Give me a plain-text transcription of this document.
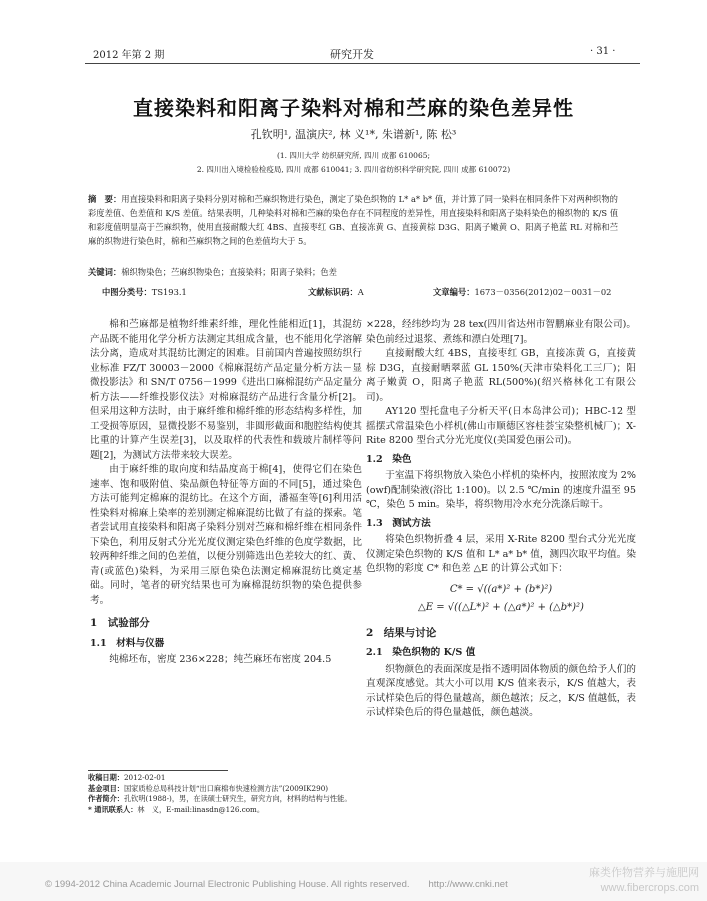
2012 年第 2 期	研究开发	· 31 ·
直接染料和阳离子染料对棉和苎麻的染色差异性
孔钦明¹, 温演庆², 林 义¹*, 朱谱新¹, 陈 松³
(1. 四川大学 纺织研究所, 四川 成都 610065;
2. 四川出入境检验检疫局, 四川 成都 610041; 3. 四川省纺织科学研究院, 四川 成都 610072)
摘　要：用直接染料和阳离子染料分别对棉和苎麻织物进行染色，测定了染色织物的 L* a* b* 值，并计算了同一染料在相同条件下对两种织物的彩度差值、色差值和 K/S 差值。结果表明，几种染料对棉和苎麻的染色存在不同程度的差异性，用直接染料和阳离子染料染色的棉织物的 K/S 值和彩度值明显高于苎麻织物，使用直接耐酸大红 4BS、直接枣红 GB、直接冻黄 G、直接黄棕 D3G、阳离子嫩黄 O、阳离子艳蓝 RL 对棉和苎麻的织物进行染色时，棉和苎麻织物之间的色差值均大于 5。
关键词：棉织物染色；苎麻织物染色；直接染料；阳离子染料；色差
中图分类号：TS193.1	文献标识码：A	文章编号：1673－0356(2012)02－0031－02

棉和苎麻都是植物纤维素纤维，理化性能相近[1]，其混纺产品既不能用化学分析方法测定其组成含量，也不能用化学溶解法分离，造成对其混纺比测定的困难。目前国内普遍按照纺织行业标准 FZ/T 30003－2000《棉麻混纺产品定量分析方法－显微投影法》和 SN/T 0756－1999《进出口麻棉混纺产品定量分析方法——纤维投影仪法》对棉麻混纺产品进行含量分析[2]。但采用这种方法时，由于麻纤维和棉纤维的形态结构多样性，加工受损等原因，显微投影不易鉴别，非圆形截面和胞腔结构使其比重的计算产生误差[3]，以及取样的代表性和载玻片制样等问题[2]，为测试方法带来较大误差。

由于麻纤维的取向度和结晶度高于棉[4]，使得它们在染色速率、饱和吸附值、染品颜色特征等方面的不同[5]，通过染色方法可能判定棉麻的混纺比。在这个方面，潘福奎等[6]利用活性染料对棉麻上染率的差别测定棉麻混纺比做了有益的探索。笔者尝试用直接染料和阳离子染料分别对苎麻和棉纤维在相同条件下染色，利用反射式分光光度仪测定染色纤维的色度学数据，比较两种纤维之间的色差值，以便分别筛选出色差较大的红、黄、青(或蓝色)染料，为采用三原色染色法测定棉麻混纺比奠定基础。同时，笔者的研究结果也可为麻棉混纺织物的染色提供参考。

1　试验部分
1.1　材料与仪器

纯棉坯布，密度 236×228；纯苎麻坯布密度 204.5

收稿日期：2012-02-01
基金项目：国家质检总局科技计划“出口麻棉布快速检测方法”(2009IK290)
作者简介：孔钦明(1988-)，男，在读硕士研究生，研究方向，材料的结构与性能。
* 通讯联系人：林　义，E-mail:linasdn@126.com。

×228，经纬纱均为 28 tex(四川省达州市智鹏麻业有限公司)。染色前经过退浆、煮练和漂白处理[7]。

直接耐酸大红 4BS，直接枣红 GB，直接冻黄 G，直接黄棕 D3G，直接耐晒翠蓝 GL 150%(天津市染料化工三厂)；阳离子嫩黄 O，阳离子艳蓝 RL(500%)(绍兴格林化工有限公司)。

AY120 型托盘电子分析天平(日本岛津公司)；HBC-12 型摇摆式常温染色小样机(佛山市顺德区容桂荟宝染整机械厂)；X-Rite 8200 型台式分光光度仪(美国爱色丽公司)。

1.2　染色

于室温下将织物放入染色小样机的染杯内，按照浓度为 2%(owf)配制染液(浴比 1:100)。以 2.5 ℃/min 的速度升温至 95 ℃，染色 5 min。染毕，将织物用冷水充分洗涤后晾干。

1.3　测试方法

将染色织物折叠 4 层，采用 X-Rite 8200 型台式分光光度仪测定染色织物的 K/S 值和 L* a* b* 值，测四次取平均值。染色织物的彩度 C* 和色差 △E 的计算公式如下：

C* = √((a*)² + (b*)²)
△E = √((△L*)² + (△a*)² + (△b*)²)
2　结果与讨论
2.1　染色织物的 K/S 值

织物颜色的表面深度是指不透明固体物质的颜色给予人们的直观深度感觉。其大小可以用 K/S 值来表示，K/S 值越大，表示试样染色后的得色量越高，颜色越浓；反之，K/S 值越低，表示试样染色后的得色量越低，颜色越淡。

© 1994-2012 China Academic Journal Electronic Publishing House. All rights reserved.　　http://www.cnki.net
麻类作物营养与施肥网
www.fibercrops.com
